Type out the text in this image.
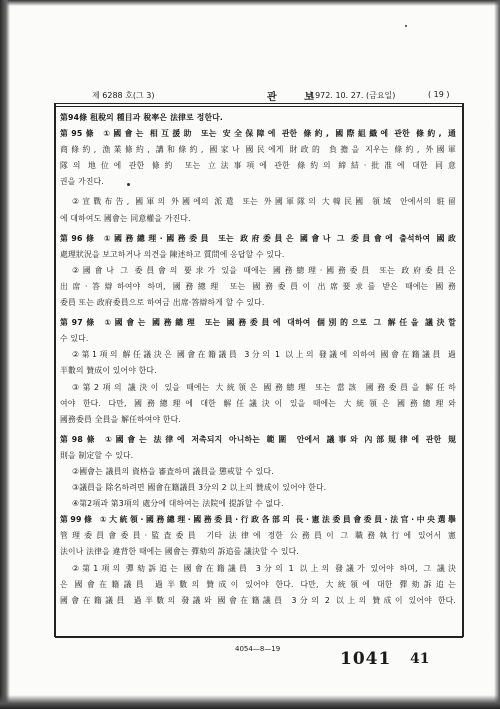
제 6288 호(그 3)	관 보
1972. 10. 27. (금요일)	( 19 )
第94條 租稅의 種目과 稅率은 法律로 정한다.
第95條 ①國會는 相互援助 또는 安全保障에 관한 條約, 國際組織에 관한 條約, 通
商條約, 漁業條約, 講和條約, 國家나 國民에게 財政的 負擔을 지우는 條約, 外國軍
隊의 地位에 관한 條約 또는 立法事項에 관한 條約의 締結·批准에 대한 同意
권을 가진다.
②宣戰布告, 國軍의 外國에의 派遣 또는 外國軍隊의 大韓民國 領域 안에서의 駐留
에 대하여도 國會는 同意權을 가진다.
第96條 ①國務總理·國務委員 또는 政府委員은 國會나 그 委員會에 출석하여 國政
處理狀況을 보고하거나 의견을 陳述하고 質問에 응답할 수 있다.
②國會나 그 委員會의 要求가 있을 때에는 國務總理·國務委員 또는 政府委員은
出席·答辯하여야 하며, 國務總理 또는 國務委員이 出席要求를 받은 때에는 國務
委員 또는 政府委員으로 하여금 出席·答辯하게 할 수 있다.
第97條 ①國會는 國務總理 또는 國務委員에 대하여 個別的으로 그 解任을 議決할
수 있다.
②第1項의 解任議決은 國會在籍議員 3分의 1 以上의 發議에 의하여 國會在籍議員 過
半數의 贊成이 있어야 한다.
③第2項의 議決이 있을 때에는 大統領은 國務總理 또는 當該 國務委員을 解任하
여야 한다. 다만, 國務總理에 대한 解任議決이 있을 때에는 大統領은 國務總理와
國務委員 全員을 解任하여야 한다.
第98條 ①國會는 法律에 저촉되지 아니하는 範圍 안에서 議事와 內部規律에 관한 規
則을 制定할 수 있다.
②國會는 議員의 資格을 審査하며 議員을 懲戒할 수 있다.
③議員을 除名하려면 國會在籍議員 3分의 2 以上의 贊成이 있어야 한다.
④第2項과 第3項의 處分에 대하여는 法院에 提訴할 수 없다.
第99條 ①大統領·國務總理·國務委員·行政各部의 長·憲法委員會委員·法官·中央選擧
管理委員會委員·監査委員 기타 法律에 정한 公務員이 그 職務執行에 있어서 憲
法이나 法律을 違背한 때에는 國會는 彈劾의 訴追를 議決할 수 있다.
②第1項의 彈劾訴追는 國會在籍議員 3分의 1 以上의 發議가 있어야 하며, 그 議決
은 國會在籍議員 過半數의 贊成이 있어야 한다. 다만, 大統領에 대한 彈劾訴追는
國會在籍議員 過半數의 發議와 國會在籍議員 3分의 2 以上의 贊成이 있어야 한다.
4054—8—19	1041 41
